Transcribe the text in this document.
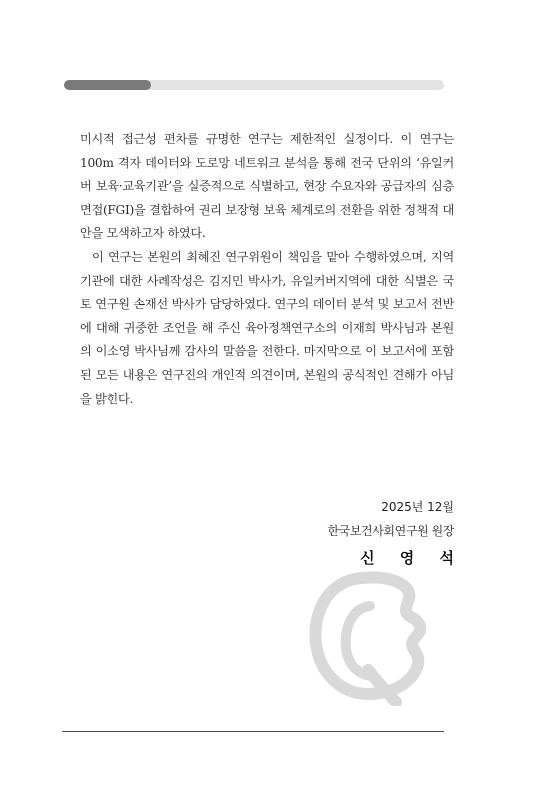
미시적 접근성 편차를 규명한 연구는 제한적인 실정이다. 이 연구는 100m 격자 데이터와 도로망 네트워크 분석을 통해 전국 단위의 ‘유일커버 보육·교육기관’을 실증적으로 식별하고, 현장 수요자와 공급자의 심층 면접(FGI)을 결합하여 권리 보장형 보육 체계로의 전환을 위한 정책적 대안을 모색하고자 하였다.

이 연구는 본원의 최혜진 연구위원이 책임을 맡아 수행하였으며, 지역 기관에 대한 사례작성은 김지민 박사가, 유일커버지역에 대한 식별은 국토 연구원 손재선 박사가 담당하였다. 연구의 데이터 분석 및 보고서 전반에 대해 귀중한 조언을 해 주신 육아정책연구소의 이재희 박사님과 본원의 이소영 박사님께 감사의 말씀을 전한다. 마지막으로 이 보고서에 포함된 모든 내용은 연구진의 개인적 의견이며, 본원의 공식적인 견해가 아님을 밝힌다.

2025년 12월
한국보건사회연구원 원장
신 영 석
